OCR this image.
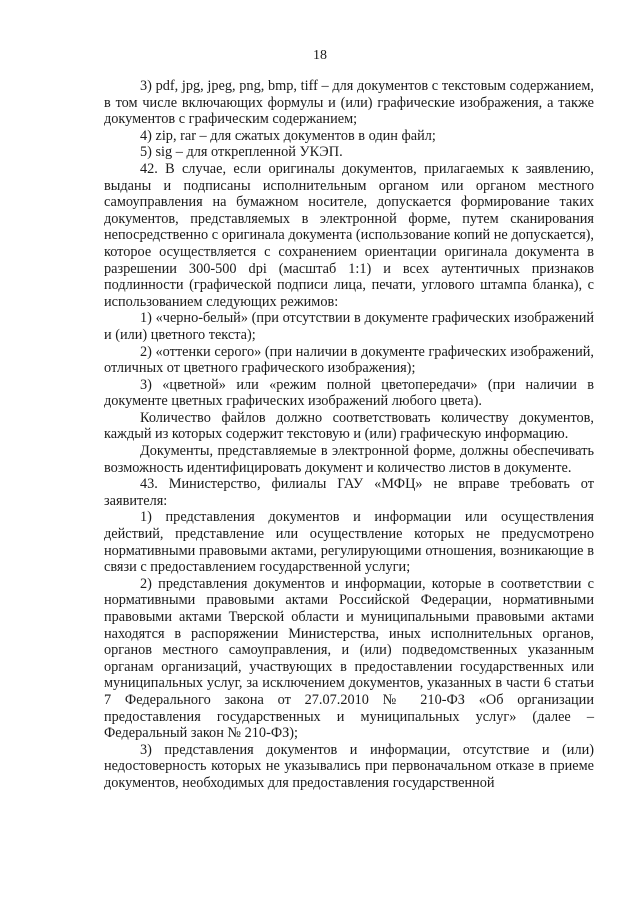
18

3) pdf, jpg, jpeg, png, bmp, tiff – для документов с текстовым содержанием, в том числе включающих формулы и (или) графические изображения, а также документов с графическим содержанием;

4) zip, rar – для сжатых документов в один файл;

5) sig – для открепленной УКЭП.

42. В случае, если оригиналы документов, прилагаемых к заявлению, выданы и подписаны исполнительным органом или органом местного самоуправления на бумажном носителе, допускается формирование таких документов, представляемых в электронной форме, путем сканирования непосредственно с оригинала документа (использование копий не допускается), которое осуществляется с сохранением ориентации оригинала документа в разрешении 300-500 dpi (масштаб 1:1) и всех аутентичных признаков подлинности (графической подписи лица, печати, углового штампа бланка), с использованием следующих режимов:

1) «черно-белый» (при отсутствии в документе графических изображений и (или) цветного текста);

2) «оттенки серого» (при наличии в документе графических изображений, отличных от цветного графического изображения);

3) «цветной» или «режим полной цветопередачи» (при наличии в документе цветных графических изображений любого цвета).

Количество файлов должно соответствовать количеству документов, каждый из которых содержит текстовую и (или) графическую информацию.

Документы, представляемые в электронной форме, должны обеспечивать возможность идентифицировать документ и количество листов в документе.

43. Министерство, филиалы ГАУ «МФЦ» не вправе требовать от заявителя:

1) представления документов и информации или осуществления действий, представление или осуществление которых не предусмотрено нормативными правовыми актами, регулирующими отношения, возникающие в связи с предоставлением государственной услуги;

2) представления документов и информации, которые в соответствии с нормативными правовыми актами Российской Федерации, нормативными правовыми актами Тверской области и муниципальными правовыми актами находятся в распоряжении Министерства, иных исполнительных органов, органов местного самоуправления, и (или) подведомственных указанным органам организаций, участвующих в предоставлении государственных или муниципальных услуг, за исключением документов, указанных в части 6 статьи 7 Федерального закона от 27.07.2010 № 210-ФЗ «Об организации предоставления государственных и муниципальных услуг» (далее – Федеральный закон № 210-ФЗ);

3) представления документов и информации, отсутствие и (или) недостоверность которых не указывались при первоначальном отказе в приеме документов, необходимых для предоставления государственной
